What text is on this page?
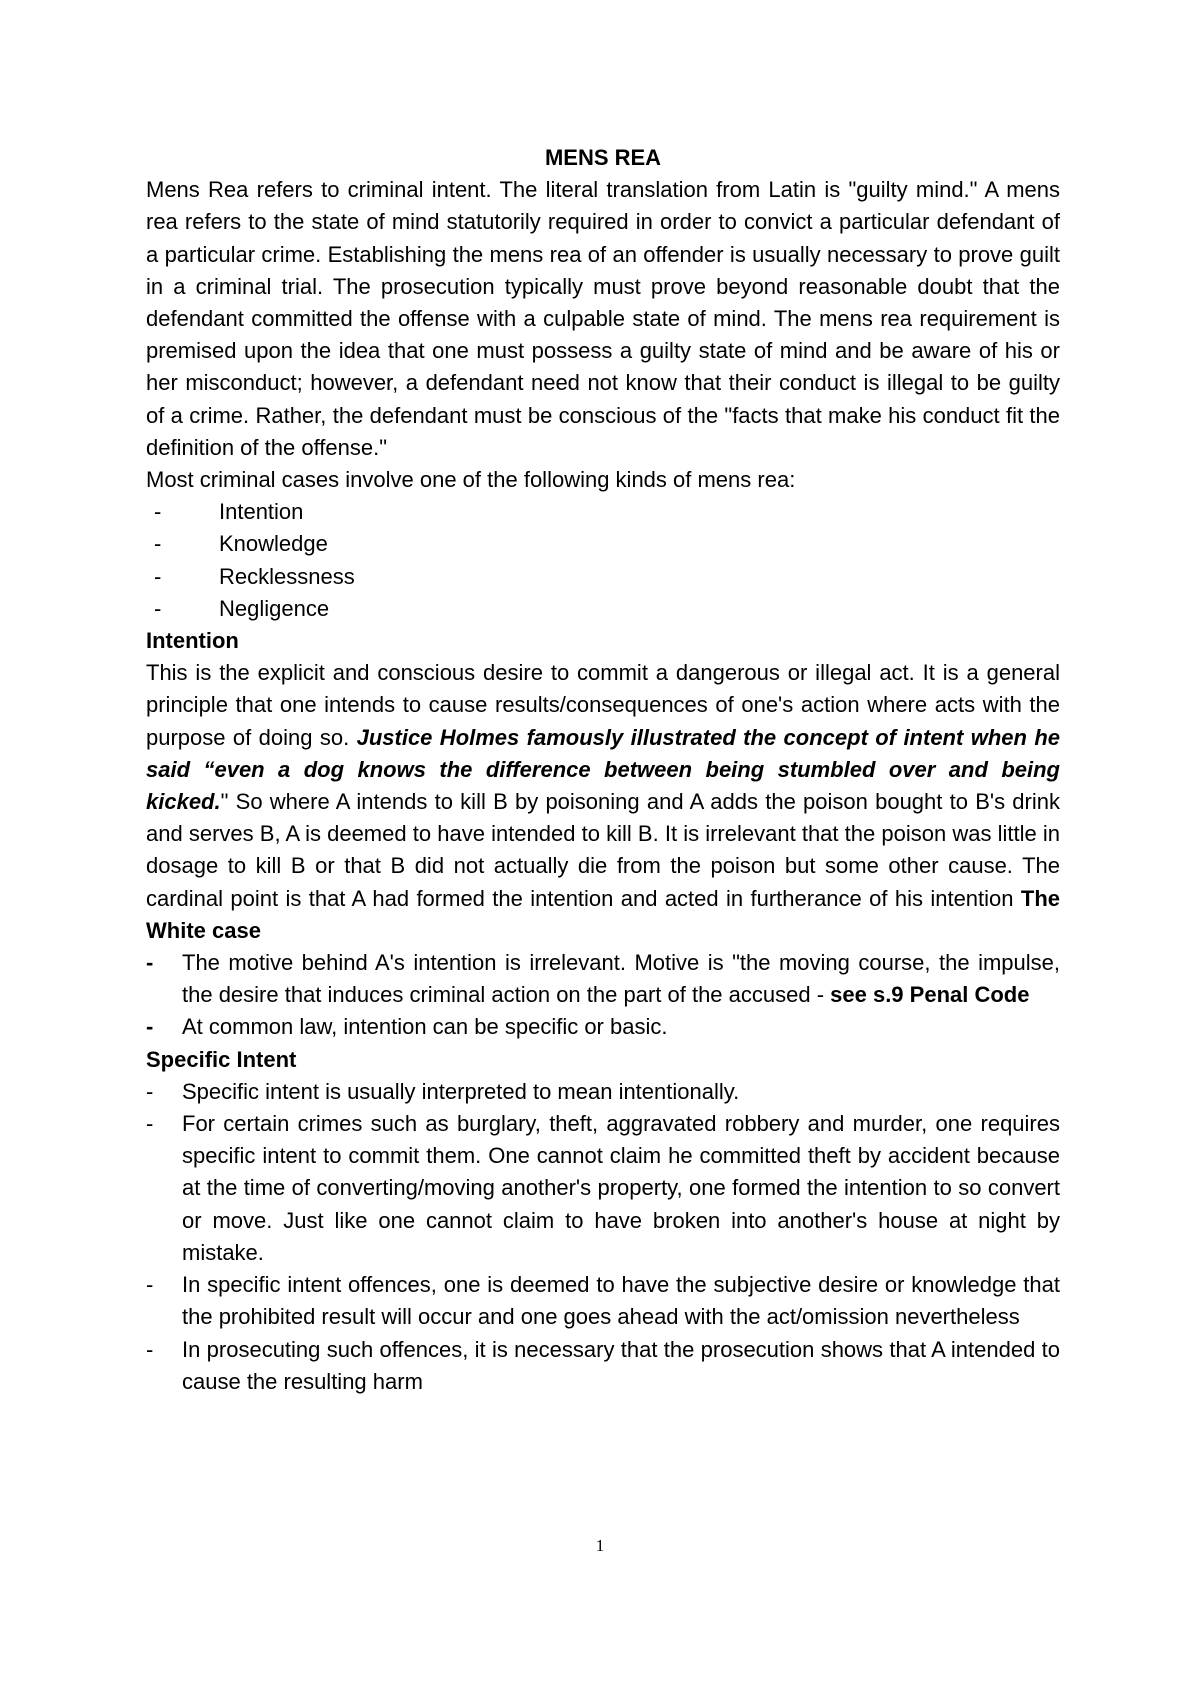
MENS REA

Mens Rea refers to criminal intent. The literal translation from Latin is "guilty mind." A mens rea refers to the state of mind statutorily required in order to convict a particular defendant of a particular crime. Establishing the mens rea of an offender is usually necessary to prove guilt in a criminal trial. The prosecution typically must prove beyond reasonable doubt that the defendant committed the offense with a culpable state of mind. The mens rea requirement is premised upon the idea that one must possess a guilty state of mind and be aware of his or her misconduct; however, a defendant need not know that their conduct is illegal to be guilty of a crime. Rather, the defendant must be conscious of the "facts that make his conduct fit the definition of the offense."

Most criminal cases involve one of the following kinds of mens rea:

-	Intention
-	Knowledge
-	Recklessness
-	Negligence

Intention

This is the explicit and conscious desire to commit a dangerous or illegal act. It is a general principle that one intends to cause results/consequences of one's action where acts with the purpose of doing so. Justice Holmes famously illustrated the concept of intent when he said “even a dog knows the difference between being stumbled over and being kicked." So where A intends to kill B by poisoning and A adds the poison bought to B's drink and serves B, A is deemed to have intended to kill B. It is irrelevant that the poison was little in dosage to kill B or that B did not actually die from the poison but some other cause. The cardinal point is that A had formed the intention and acted in furtherance of his intention The White case

- The motive behind A's intention is irrelevant. Motive is "the moving course, the impulse, the desire that induces criminal action on the part of the accused - see s.9 Penal Code
- At common law, intention can be specific or basic.

Specific Intent

- Specific intent is usually interpreted to mean intentionally.
- For certain crimes such as burglary, theft, aggravated robbery and murder, one requires specific intent to commit them. One cannot claim he committed theft by accident because at the time of converting/moving another's property, one formed the intention to so convert or move. Just like one cannot claim to have broken into another's house at night by mistake.
- In specific intent offences, one is deemed to have the subjective desire or knowledge that the prohibited result will occur and one goes ahead with the act/omission nevertheless
- In prosecuting such offences, it is necessary that the prosecution shows that A intended to cause the resulting harm
1
